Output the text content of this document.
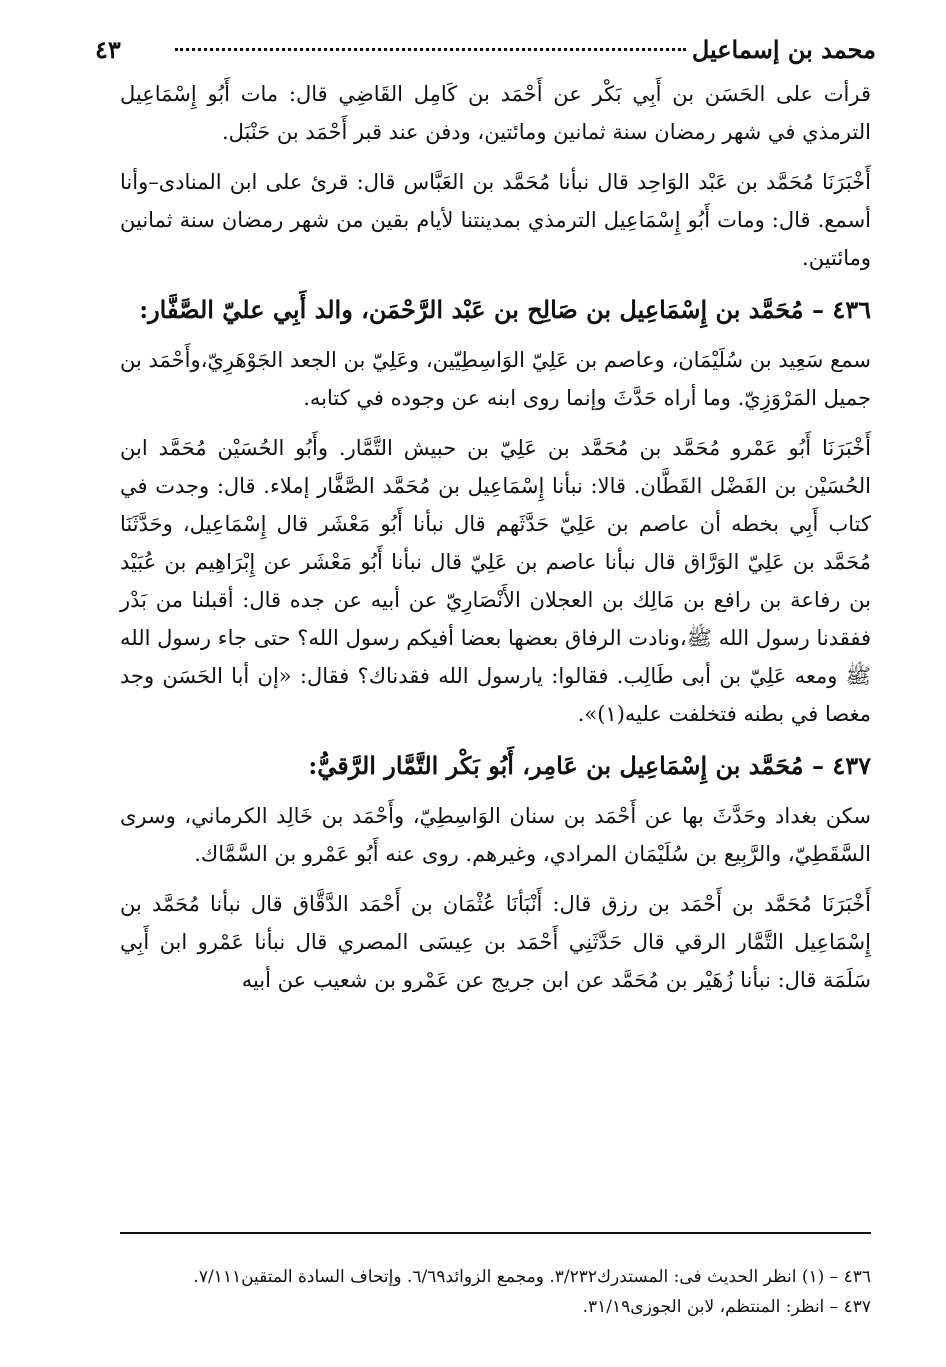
محمد بن إسماعيل
٤٣

قرأت على الحَسَن بن أَبِي بَكْر عن أَحْمَد بن كَامِل القَاضِي قال: مات أَبُو إِسْمَاعِيل الترمذي في شهر رمضان سنة ثمانين ومائتين، ودفن عند قبر أَحْمَد بن حَنْبَل.

أَخْبَرَنَا مُحَمَّد بن عَبْد الوَاحِد قال نبأنا مُحَمَّد بن العَبَّاس قال: قرئ على ابن المنادى–وأنا أسمع. قال: ومات أَبُو إِسْمَاعِيل الترمذي بمدينتنا لأيام بقين من شهر رمضان سنة ثمانين ومائتين.

٤٣٦ – مُحَمَّد بن إِسْمَاعِيل بن صَالِح بن عَبْد الرَّحْمَن، والد أَبِي عليّ الصَّفَّار:

سمع سَعِيد بن سُلَيْمَان، وعاصم بن عَلِيّ الوَاسِطِيّين، وعَلِيّ بن الجعد الجَوْهَرِيّ،وأَحْمَد بن جميل المَرْوَزِيّ. وما أراه حَدَّثَ وإنما روى ابنه عن وجوده في كتابه.

أَخْبَرَنَا أَبُو عَمْرو مُحَمَّد بن مُحَمَّد بن عَلِيّ بن حبيش التَّمَّار. وأَبُو الحُسَيْن مُحَمَّد ابن الحُسَيْن بن الفَضْل القَطَّان. قالا: نبأنا إِسْمَاعِيل بن مُحَمَّد الصَّفَّار إملاء. قال: وجدت في كتاب أَبِي بخطه أن عاصم بن عَلِيّ حَدَّثَهم قال نبأنا أَبُو مَعْشَر قال إِسْمَاعِيل، وحَدَّثَنَا مُحَمَّد بن عَلِيّ الوَرَّاق قال نبأنا عاصم بن عَلِيّ قال نبأنا أَبُو مَعْشَر عن إِبْرَاهِيم بن عُبَيْد بن رفاعة بن رافع بن مَالِك بن العجلان الأَنْصَارِيّ عن أبيه عن جده قال: أقبلنا من بَدْر ففقدنا رسول الله ﷺ،ونادت الرفاق بعضها بعضا أفيكم رسول الله؟ حتى جاء رسول الله ﷺ ومعه عَلِيّ بن أبى طَالِب. فقالوا: يارسول الله فقدناك؟ فقال: «إن أبا الحَسَن وجد مغصا في بطنه فتخلفت عليه(١)».

٤٣٧ – مُحَمَّد بن إِسْمَاعِيل بن عَامِر، أَبُو بَكْر التَّمَّار الرَّقيُّ:

سكن بغداد وحَدَّثَ بها عن أَحْمَد بن سنان الوَاسِطِيّ، وأَحْمَد بن خَالِد الكرماني، وسرى السَّقَطِيّ، والرَّبِيع بن سُلَيْمَان المرادي، وغيرهم. روى عنه أَبُو عَمْرو بن السَّمَّاك.

أَخْبَرَنَا مُحَمَّد بن أَحْمَد بن رزق قال: أَنْبَأنَا عُثْمَان بن أَحْمَد الدَّقَّاق قال نبأنا مُحَمَّد بن إِسْمَاعِيل التَّمَّار الرقي قال حَدَّثَنِي أَحْمَد بن عِيسَى المصري قال نبأنا عَمْرو ابن أَبِي سَلَمَة قال: نبأنا زُهَيْر بن مُحَمَّد عن ابن جريج عن عَمْرو بن شعيب عن أبيه

٤٣٦ – (١) انظر الحديث فى: المستدرك٣/٢٣٢. ومجمع الزوائد٦/٦٩. وإتحاف السادة المتقين٧/١١١.
٤٣٧ – انظر: المنتظم، لابن الجوزى٣١/١٩.
